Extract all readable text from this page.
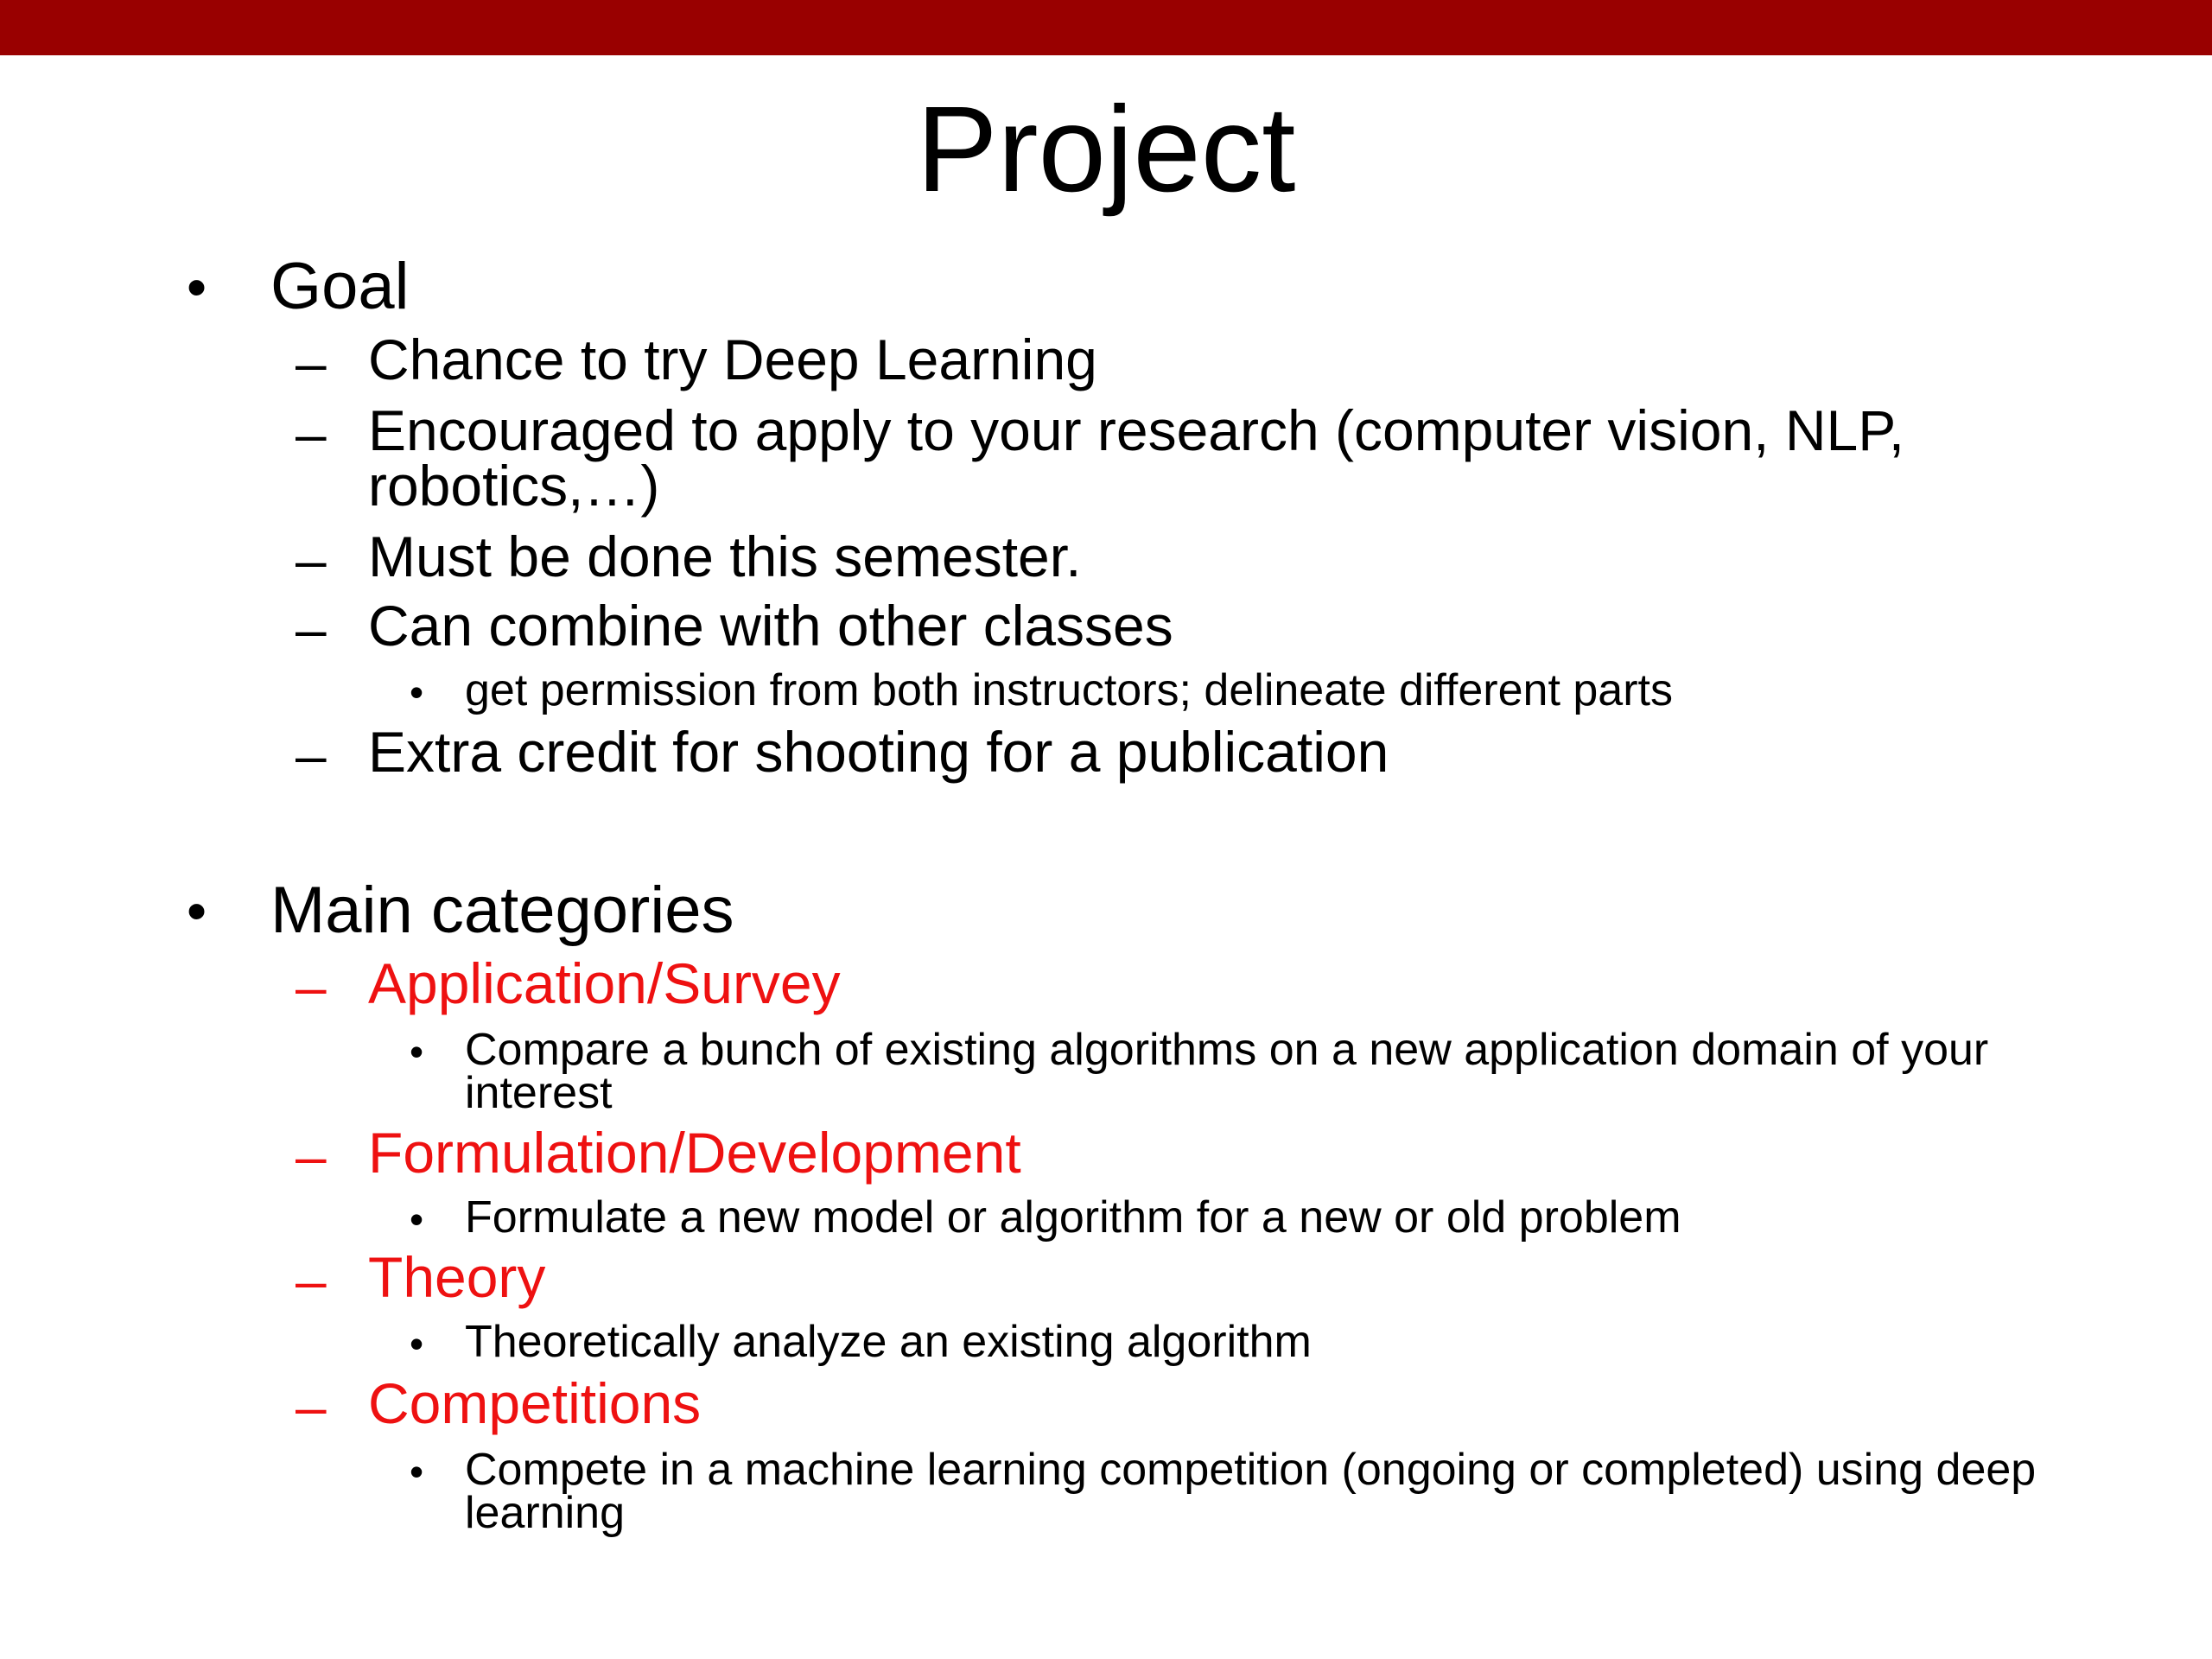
Project
• Goal
– Chance to try Deep Learning
– Encouraged to apply to your research (computer vision, NLP, robotics,…)
– Must be done this semester.
– Can combine with other classes
• get permission from both instructors; delineate different parts
– Extra credit for shooting for a publication
• Main categories
– Application/Survey
• Compare a bunch of existing algorithms on a new application domain of your interest
– Formulation/Development
• Formulate a new model or algorithm for a new or old problem
– Theory
• Theoretically analyze an existing algorithm
– Competitions
• Compete in a machine learning competition (ongoing or completed) using deep learning
